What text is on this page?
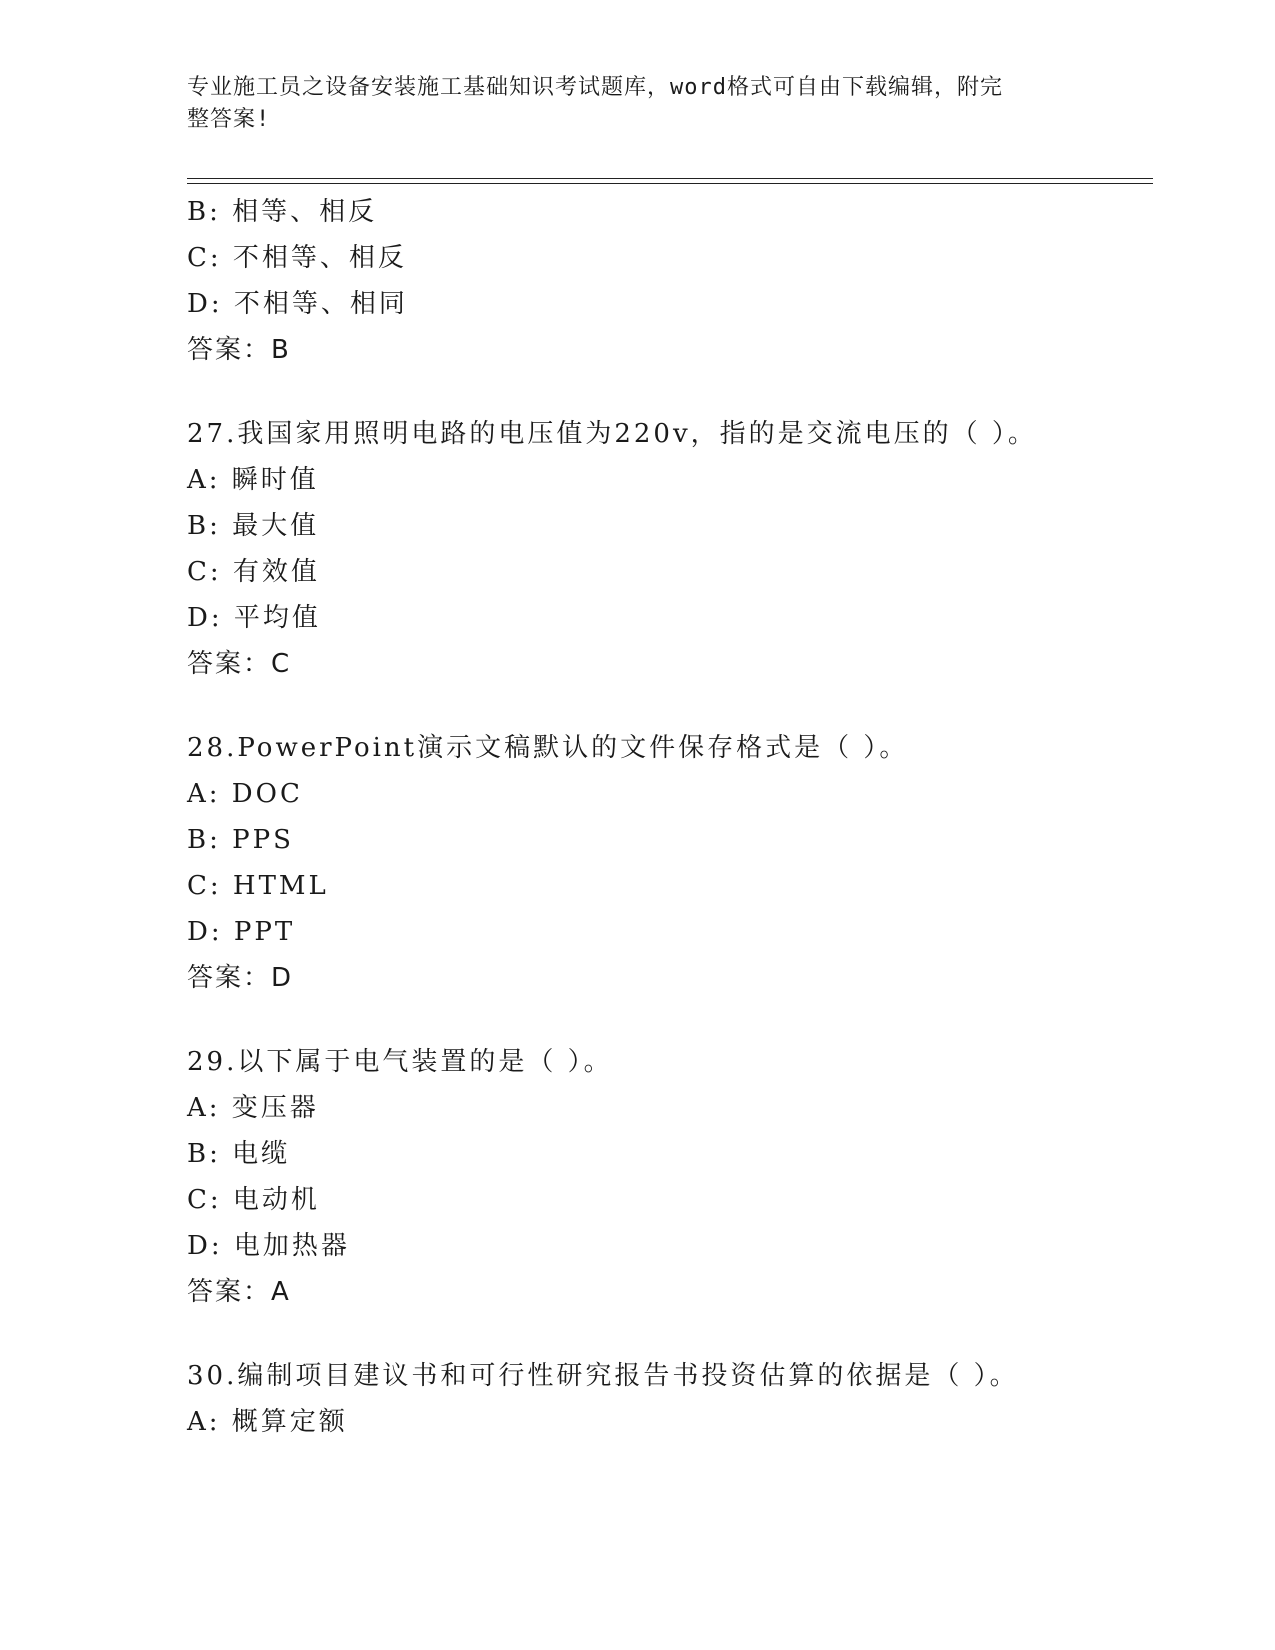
专业施工员之设备安装施工基础知识考试题库，word格式可自由下载编辑，附完
整答案!
B: 相等、相反
C: 不相等、相反
D: 不相等、相同
答案：B
27.我国家用照明电路的电压值为220v，指的是交流电压的（ ）。
A: 瞬时值
B: 最大值
C: 有效值
D: 平均值
答案：C
28.PowerPoint演示文稿默认的文件保存格式是（ ）。
A: DOC
B: PPS
C: HTML
D: PPT
答案：D
29.以下属于电气装置的是（ ）。
A: 变压器
B: 电缆
C: 电动机
D: 电加热器
答案：A
30.编制项目建议书和可行性研究报告书投资估算的依据是（ ）。
A: 概算定额
